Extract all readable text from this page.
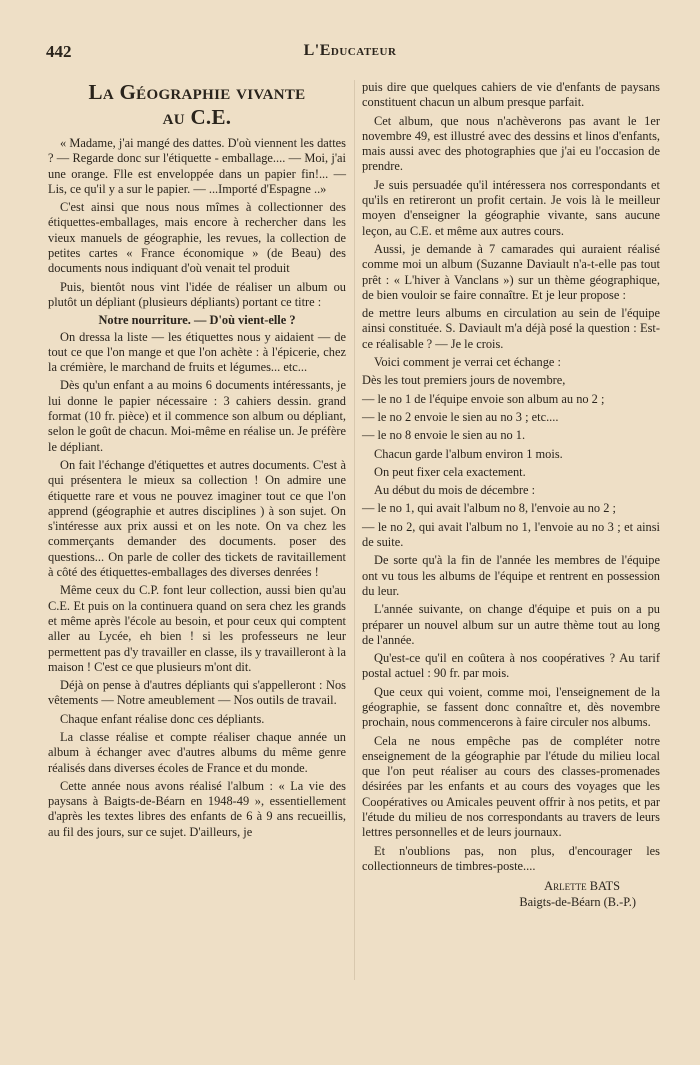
442	L'Educateur
La Géographie vivante
au C.E.

« Madame, j'ai mangé des dattes. D'où viennent les dattes ? — Regarde donc sur l'étiquette - emballage.... — Moi, j'ai une orange. Flle est enveloppée dans un papier fin!... — Lis, ce qu'il y a sur le papier. — ...Importé d'Espagne ..»

C'est ainsi que nous nous mîmes à collectionner des étiquettes-emballages, mais encore à rechercher dans les vieux manuels de géographie, les revues, la collection de petites cartes « France économique » (de Beau) des documents nous indiquant d'où venait tel produit

Puis, bientôt nous vint l'idée de réaliser un album ou plutôt un dépliant (plusieurs dépliants) portant ce titre :

Notre nourriture. — D'où vient-elle ?

On dressa la liste — les étiquettes nous y aidaient — de tout ce que l'on mange et que l'on achète : à l'épicerie, chez la crémière, le marchand de fruits et légumes... etc...

Dès qu'un enfant a au moins 6 documents intéressants, je lui donne le papier nécessaire : 3 cahiers dessin. grand format (10 fr. pièce) et il commence son album ou dépliant, selon le goût de chacun. Moi-même en réalise un. Je préfère le dépliant.

On fait l'échange d'étiquettes et autres documents. C'est à qui présentera le mieux sa collection ! On admire une étiquette rare et vous ne pouvez imaginer tout ce que l'on apprend (géographie et autres disciplines ) à son sujet. On s'intéresse aux prix aussi et on les note. On va chez les commerçants demander des documents. poser des questions... On parle de coller des tickets de ravitaillement à côté des étiquettes-emballages des diverses denrées !

Même ceux du C.P. font leur collection, aussi bien qu'au C.E. Et puis on la continuera quand on sera chez les grands et même après l'école au besoin, et pour ceux qui comptent aller au Lycée, eh bien ! si les professeurs ne leur permettent pas d'y travailler en classe, ils y travailleront à la maison ! C'est ce que plusieurs m'ont dit.

Déjà on pense à d'autres dépliants qui s'appelleront : Nos vêtements — Notre ameublement — Nos outils de travail.

Chaque enfant réalise donc ces dépliants.

La classe réalise et compte réaliser chaque année un album à échanger avec d'autres albums du même genre réalisés dans diverses écoles de France et du monde.

Cette année nous avons réalisé l'album : « La vie des paysans à Baigts-de-Béarn en 1948-49 », essentiellement d'après les textes libres des enfants de 6 à 9 ans recueillis, au fil des jours, sur ce sujet. D'ailleurs, je

puis dire que quelques cahiers de vie d'enfants de paysans constituent chacun un album presque parfait.

Cet album, que nous n'achèverons pas avant le 1er novembre 49, est illustré avec des dessins et linos d'enfants, mais aussi avec des photographies que j'ai eu l'occasion de prendre.

Je suis persuadée qu'il intéressera nos correspondants et qu'ils en retireront un profit certain. Je vois là le meilleur moyen d'enseigner la géographie vivante, sans aucune leçon, au C.E. et même aux autres cours.

Aussi, je demande à 7 camarades qui auraient réalisé comme moi un album (Suzanne Daviault n'a-t-elle pas tout prêt : « L'hiver à Vanclans ») sur un thème géographique, de bien vouloir se faire connaître. Et je leur propose :

de mettre leurs albums en circulation au sein de l'équipe ainsi constituée. S. Daviault m'a déjà posé la question : Est-ce réalisable ? — Je le crois.

Voici comment je verrai cet échange :

Dès les tout premiers jours de novembre,

— le no 1 de l'équipe envoie son album au no 2 ;

— le no 2 envoie le sien au no 3 ; etc....

— le no 8 envoie le sien au no 1.

Chacun garde l'album environ 1 mois.

On peut fixer cela exactement.

Au début du mois de décembre :

— le no 1, qui avait l'album no 8, l'envoie au no 2 ;

— le no 2, qui avait l'album no 1, l'envoie au no 3 ; et ainsi de suite.

De sorte qu'à la fin de l'année les membres de l'équipe ont vu tous les albums de l'équipe et rentrent en possession du leur.

L'année suivante, on change d'équipe et puis on a pu préparer un nouvel album sur un autre thème tout au long de l'année.

Qu'est-ce qu'il en coûtera à nos coopératives ? Au tarif postal actuel : 90 fr. par mois.

Que ceux qui voient, comme moi, l'enseignement de la géographie, se fassent donc connaître et, dès novembre prochain, nous commencerons à faire circuler nos albums.

Cela ne nous empêche pas de compléter notre enseignement de la géographie par l'étude du milieu local que l'on peut réaliser au cours des classes-promenades désirées par les enfants et au cours des voyages que les Coopératives ou Amicales peuvent offrir à nos petits, et par l'étude du milieu de nos correspondants au travers de leurs lettres personnelles et de leurs journaux.

Et n'oublions pas, non plus, d'encourager les collectionneurs de timbres-poste....

Arlette BATS
Baigts-de-Béarn (B.-P.)
